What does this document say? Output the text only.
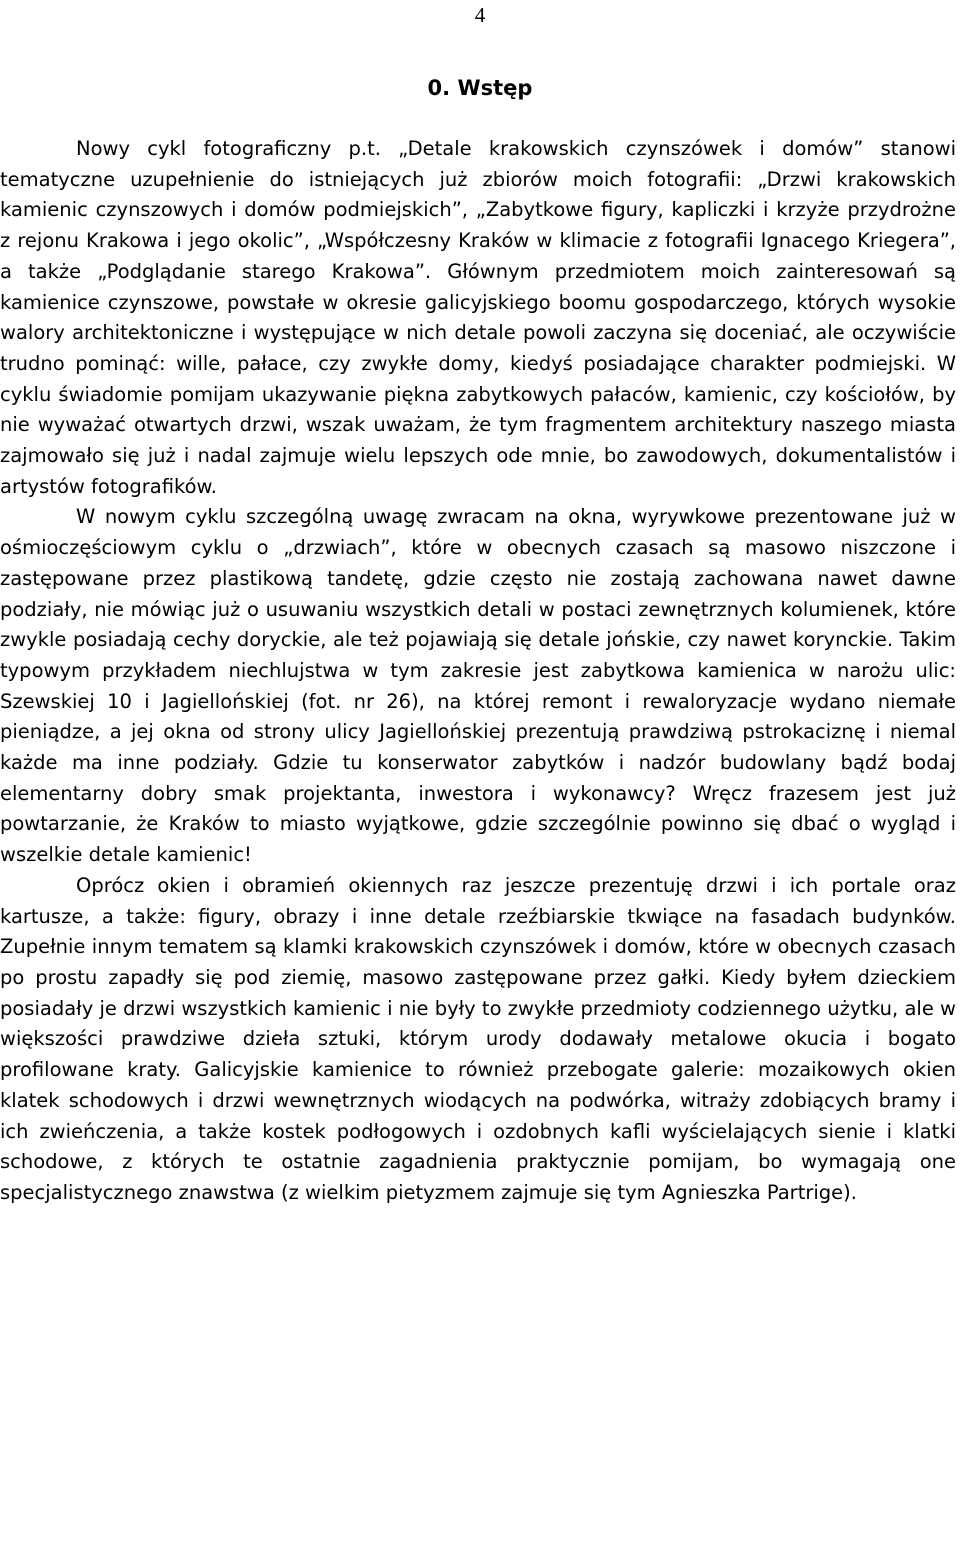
4
0. Wstęp

Nowy cykl fotograficzny p.t. „Detale krakowskich czynszówek i domów” stanowi tematyczne uzupełnienie do istniejących już zbiorów moich fotografii: „Drzwi krakowskich kamienic czynszowych i domów podmiejskich”, „Zabytkowe figury, kapliczki i krzyże przydrożne z rejonu Krakowa i jego okolic”, „Współczesny Kraków w klimacie z fotografii Ignacego Kriegera”, a także „Podglądanie starego Krakowa”. Głównym przedmiotem moich zainteresowań są kamienice czynszowe, powstałe w okresie galicyjskiego boomu gospodarczego, których wysokie walory architektoniczne i występujące w nich detale powoli zaczyna się doceniać, ale oczywiście trudno pominąć: wille, pałace, czy zwykłe domy, kiedyś posiadające charakter podmiejski. W cyklu świadomie pomijam ukazywanie piękna zabytkowych pałaców, kamienic, czy kościołów, by nie wyważać otwartych drzwi, wszak uważam, że tym fragmentem architektury naszego miasta zajmowało się już i nadal zajmuje wielu lepszych ode mnie, bo zawodowych, dokumentalistów i artystów fotografików.

W nowym cyklu szczególną uwagę zwracam na okna, wyrywkowe prezentowane już w ośmioczęściowym cyklu o „drzwiach”, które w obecnych czasach są masowo niszczone i zastępowane przez plastikową tandetę, gdzie często nie zostają zachowana nawet dawne podziały, nie mówiąc już o usuwaniu wszystkich detali w postaci zewnętrznych kolumienek, które zwykle posiadają cechy doryckie, ale też pojawiają się detale jońskie, czy nawet korynckie. Takim typowym przykładem niechlujstwa w tym zakresie jest zabytkowa kamienica w narożu ulic: Szewskiej 10 i Jagiellońskiej (fot. nr 26), na której remont i rewaloryzacje wydano niemałe pieniądze, a jej okna od strony ulicy Jagiellońskiej prezentują prawdziwą pstrokaciznę i niemal każde ma inne podziały. Gdzie tu konserwator zabytków i nadzór budowlany bądź bodaj elementarny dobry smak projektanta, inwestora i wykonawcy? Wręcz frazesem jest już powtarzanie, że Kraków to miasto wyjątkowe, gdzie szczególnie powinno się dbać o wygląd i wszelkie detale kamienic!

Oprócz okien i obramień okiennych raz jeszcze prezentuję drzwi i ich portale oraz kartusze, a także: figury, obrazy i inne detale rzeźbiarskie tkwiące na fasadach budynków. Zupełnie innym tematem są klamki krakowskich czynszówek i domów, które w obecnych czasach po prostu zapadły się pod ziemię, masowo zastępowane przez gałki. Kiedy byłem dzieckiem posiadały je drzwi wszystkich kamienic i nie były to zwykłe przedmioty codziennego użytku, ale w większości prawdziwe dzieła sztuki, którym urody dodawały metalowe okucia i bogato profilowane kraty. Galicyjskie kamienice to również przebogate galerie: mozaikowych okien klatek schodowych i drzwi wewnętrznych wiodących na podwórka, witraży zdobiących bramy i ich zwieńczenia, a także kostek podłogowych i ozdobnych kafli wyścielających sienie i klatki schodowe, z których te ostatnie zagadnienia praktycznie pomijam, bo wymagają one specjalistycznego znawstwa (z wielkim pietyzmem zajmuje się tym Agnieszka Partrige).
